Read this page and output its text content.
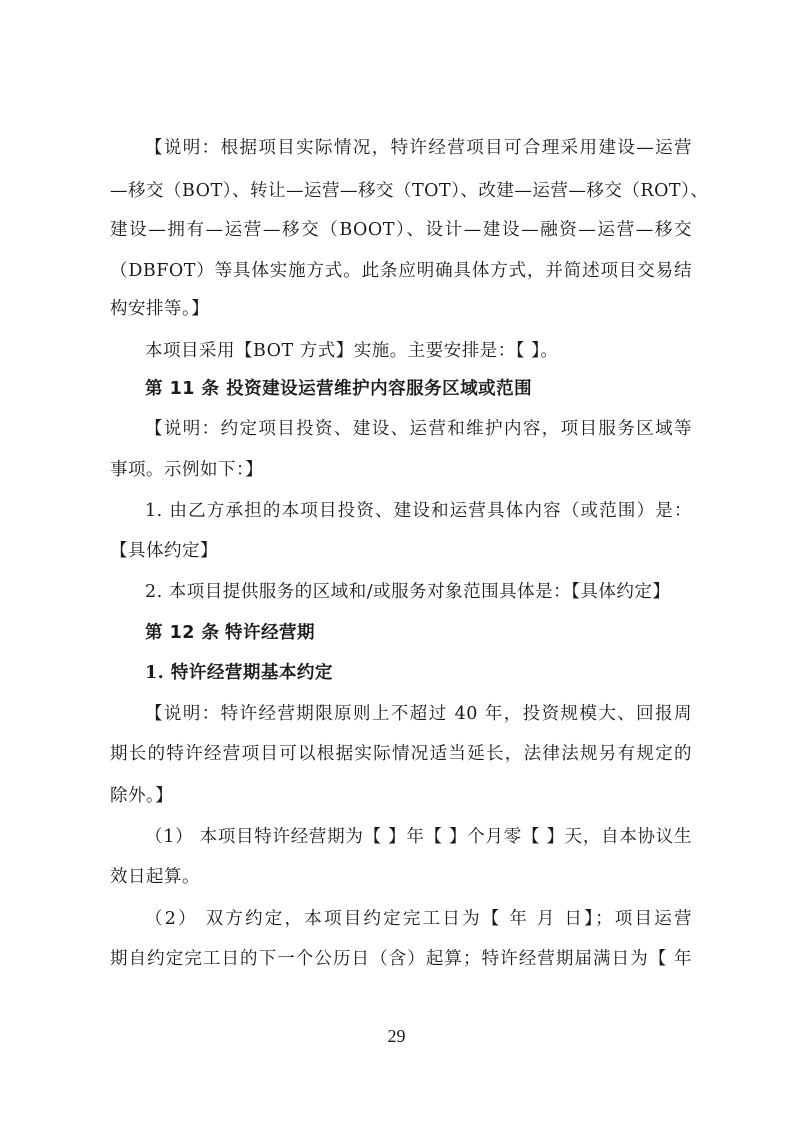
【说明：根据项目实际情况，特许经营项目可合理采用建设—运营
—移交（BOT）、转让—运营—移交（TOT）、改建—运营—移交（ROT）、
建设—拥有—运营—移交（BOOT）、设计—建设—融资—运营—移交
（DBFOT）等具体实施方式。此条应明确具体方式，并简述项目交易结
构安排等。】
本项目采用【BOT 方式】实施。主要安排是：【 】。
第 11 条 投资建设运营维护内容服务区域或范围
【说明：约定项目投资、建设、运营和维护内容，项目服务区域等
事项。示例如下：】
1. 由乙方承担的本项目投资、建设和运营具体内容（或范围）是：
【具体约定】
2. 本项目提供服务的区域和/或服务对象范围具体是：【具体约定】
第 12 条 特许经营期
1. 特许经营期基本约定
【说明：特许经营期限原则上不超过 40 年，投资规模大、回报周
期长的特许经营项目可以根据实际情况适当延长，法律法规另有规定的
除外。】
（1） 本项目特许经营期为【 】年【 】个月零【 】天，自本协议生
效日起算。
（2） 双方约定，本项目约定完工日为【 年 月 日】；项目运营
期自约定完工日的下一个公历日（含）起算；特许经营期届满日为【 年
29
